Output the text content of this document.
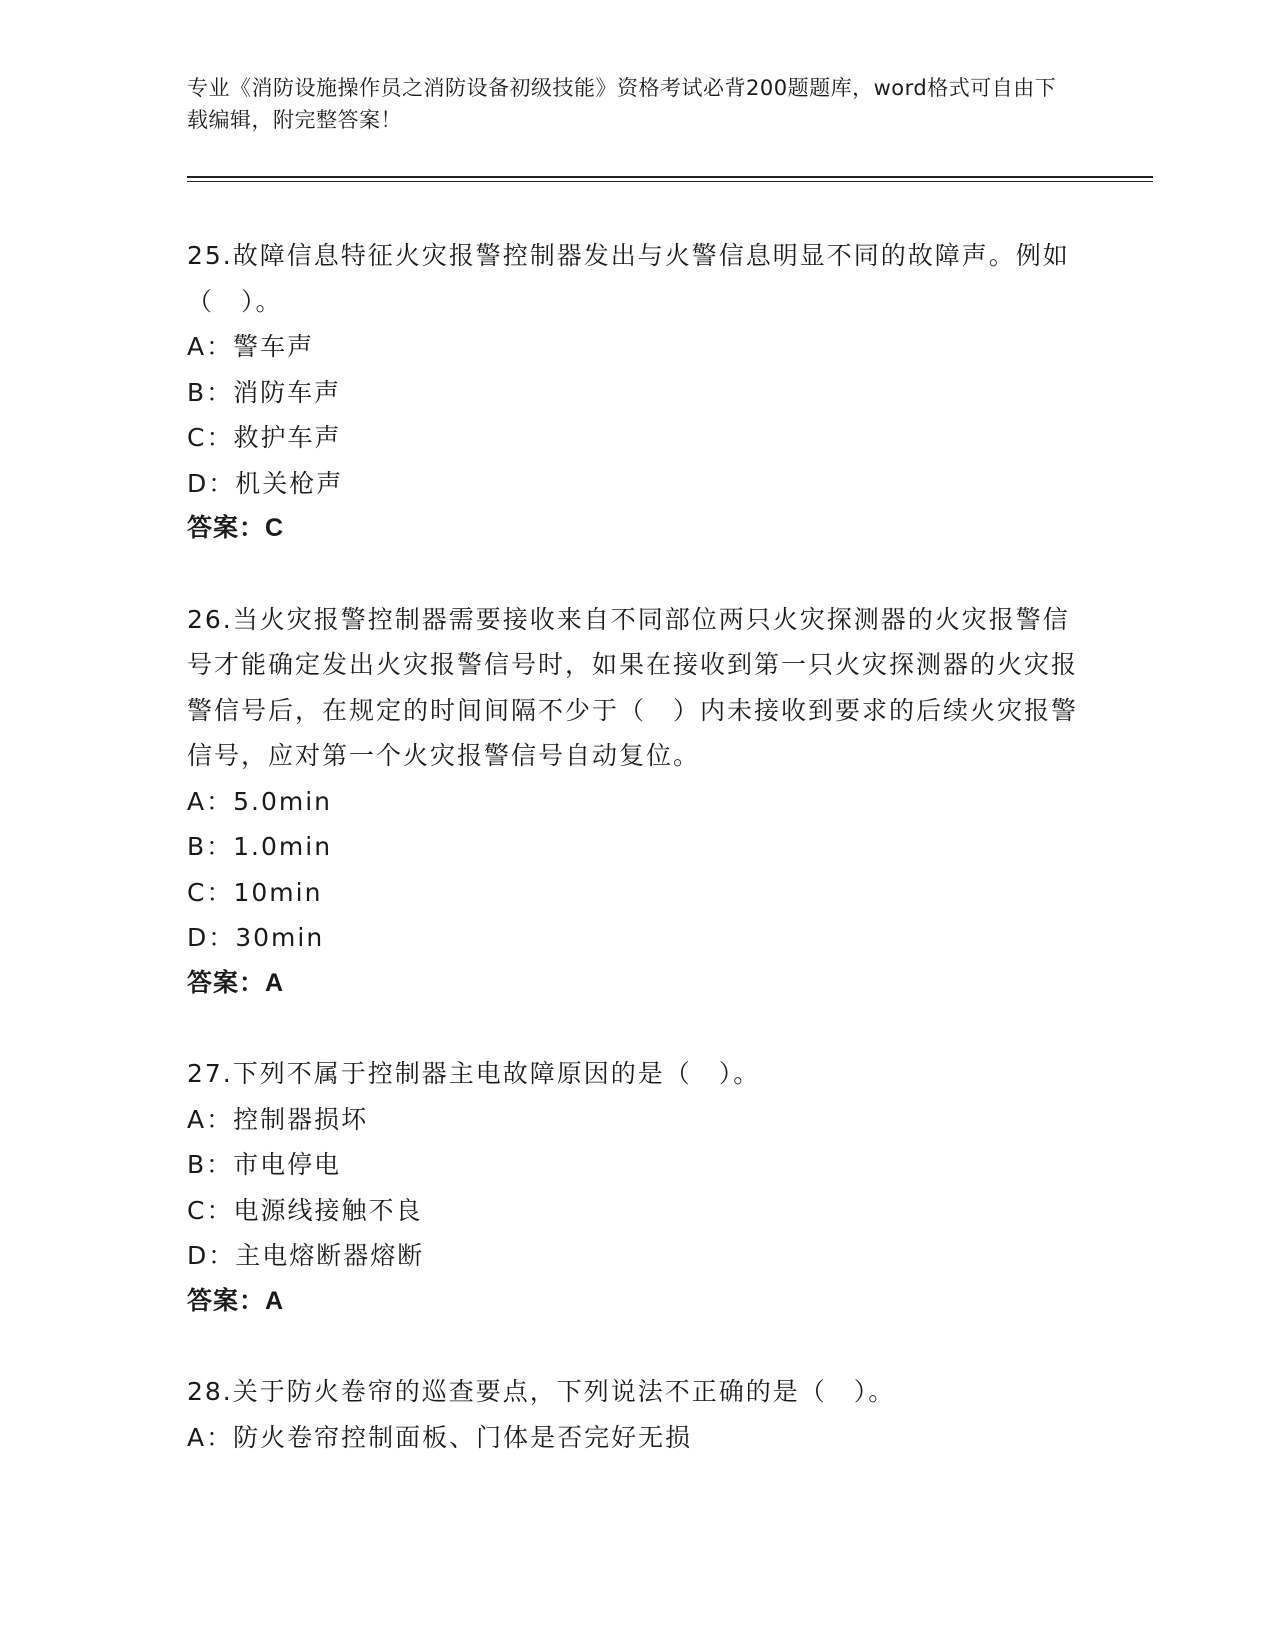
专业《消防设施操作员之消防设备初级技能》资格考试必背200题题库，word格式可自由下载编辑，附完整答案！
25.故障信息特征火灾报警控制器发出与火警信息明显不同的故障声。例如（　）。
A：警车声
B：消防车声
C：救护车声
D：机关枪声
答案：C
26.当火灾报警控制器需要接收来自不同部位两只火灾探测器的火灾报警信号才能确定发出火灾报警信号时，如果在接收到第一只火灾探测器的火灾报警信号后，在规定的时间间隔不少于（　）内未接收到要求的后续火灾报警信号，应对第一个火灾报警信号自动复位。
A：5.0min
B：1.0min
C：10min
D：30min
答案：A
27.下列不属于控制器主电故障原因的是（　）。
A：控制器损坏
B：市电停电
C：电源线接触不良
D：主电熔断器熔断
答案：A
28.关于防火卷帘的巡查要点，下列说法不正确的是（　）。
A：防火卷帘控制面板、门体是否完好无损
